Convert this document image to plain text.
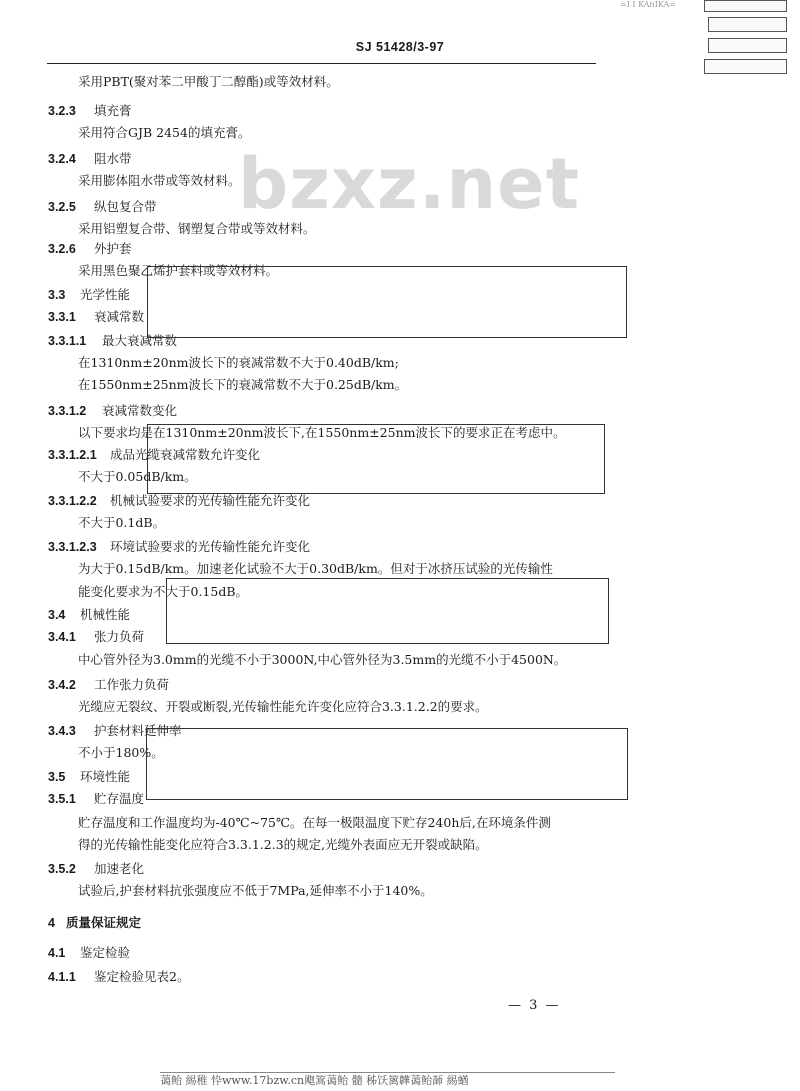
SJ 51428/3-97
=I I KAnIKA=
bzxz.net
采用PBT(聚对苯二甲酸丁二醇酯)或等效材料。
3.2.3 填充膏
采用符合GJB 2454的填充膏。
3.2.4 阻水带
采用膨体阻水带或等效材料。
3.2.5 纵包复合带
采用铝塑复合带、钢塑复合带或等效材料。
3.2.6 外护套
采用黑色聚乙烯护套料或等效材料。
3.3 光学性能
3.3.1 衰减常数
3.3.1.1 最大衰减常数
在1310nm±20nm波长下的衰减常数不大于0.40dB/km;
在1550nm±25nm波长下的衰减常数不大于0.25dB/km。
3.3.1.2 衰减常数变化
以下要求均是在1310nm±20nm波长下,在1550nm±25nm波长下的要求正在考虑中。
3.3.1.2.1 成品光缆衰减常数允许变化
不大于0.05dB/km。
3.3.1.2.2 机械试验要求的光传输性能允许变化
不大于0.1dB。
3.3.1.2.3 环境试验要求的光传输性能允许变化
为大于0.15dB/km。加速老化试验不大于0.30dB/km。但对于冰挤压试验的光传输性
能变化要求为不大于0.15dB。
3.4 机械性能
3.4.1 张力负荷
中心管外径为3.0mm的光缆不小于3000N,中心管外径为3.5mm的光缆不小于4500N。
3.4.2 工作张力负荷
光缆应无裂纹、开裂或断裂,光传输性能允许变化应符合3.3.1.2.2的要求。
3.4.3 护套材料延伸率
不小于180%。
3.5 环境性能
3.5.1 贮存温度
贮存温度和工作温度均为-40℃~75℃。在每一极限温度下贮存240h后,在环境条件测
得的光传输性能变化应符合3.3.1.2.3的规定,光缆外表面应无开裂或缺陷。
3.5.2 加速老化
试验后,护套材料抗张强度应不低于7MPa,延伸率不小于140%。
4 质量保证规定
4.1 鉴定检验
4.1.1 鉴定检验见表2。
— 3 —
蔼鲐 緆稚 忰www.17bzw.cn飑篙蔼鲐 髓 秭饫篱韡蔼鲐韴 緆蝤
